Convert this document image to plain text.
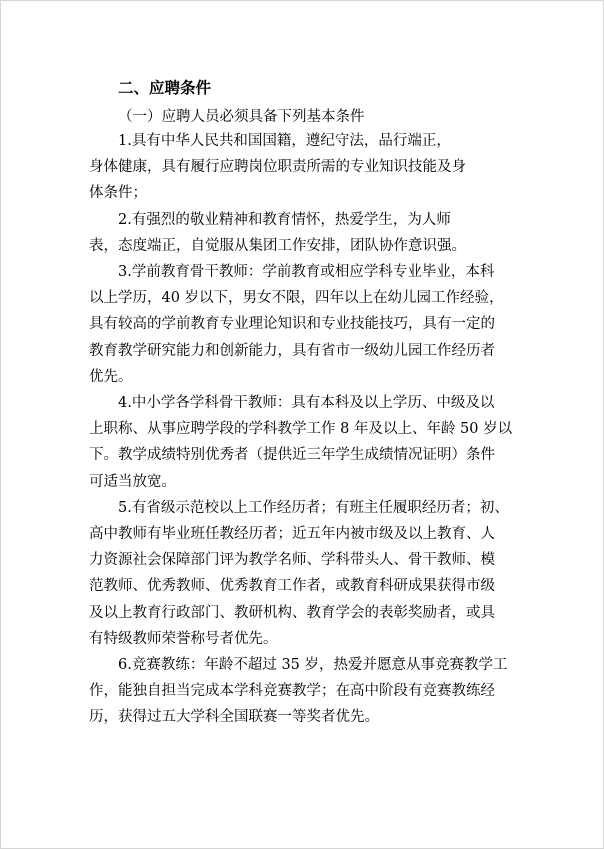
二、应聘条件
（一）应聘人员必须具备下列基本条件
1.具有中华人民共和国国籍，遵纪守法，品行端正，
身体健康，具有履行应聘岗位职责所需的专业知识技能及身
体条件；
2.有强烈的敬业精神和教育情怀，热爱学生，为人师
表，态度端正，自觉服从集团工作安排，团队协作意识强。
3.学前教育骨干教师：学前教育或相应学科专业毕业，本科
以上学历，40 岁以下，男女不限，四年以上在幼儿园工作经验，
具有较高的学前教育专业理论知识和专业技能技巧，具有一定的
教育教学研究能力和创新能力，具有省市一级幼儿园工作经历者
优先。
4.中小学各学科骨干教师：具有本科及以上学历、中级及以
上职称、从事应聘学段的学科教学工作 8 年及以上、年龄 50 岁以
下。教学成绩特别优秀者（提供近三年学生成绩情况证明）条件
可适当放宽。
5.有省级示范校以上工作经历者；有班主任履职经历者；初、
高中教师有毕业班任教经历者；近五年内被市级及以上教育、人
力资源社会保障部门评为教学名师、学科带头人、骨干教师、模
范教师、优秀教师、优秀教育工作者，或教育科研成果获得市级
及以上教育行政部门、教研机构、教育学会的表彰奖励者，或具
有特级教师荣誉称号者优先。
6.竞赛教练：年龄不超过 35 岁，热爱并愿意从事竞赛教学工
作，能独自担当完成本学科竞赛教学；在高中阶段有竞赛教练经
历，获得过五大学科全国联赛一等奖者优先。
